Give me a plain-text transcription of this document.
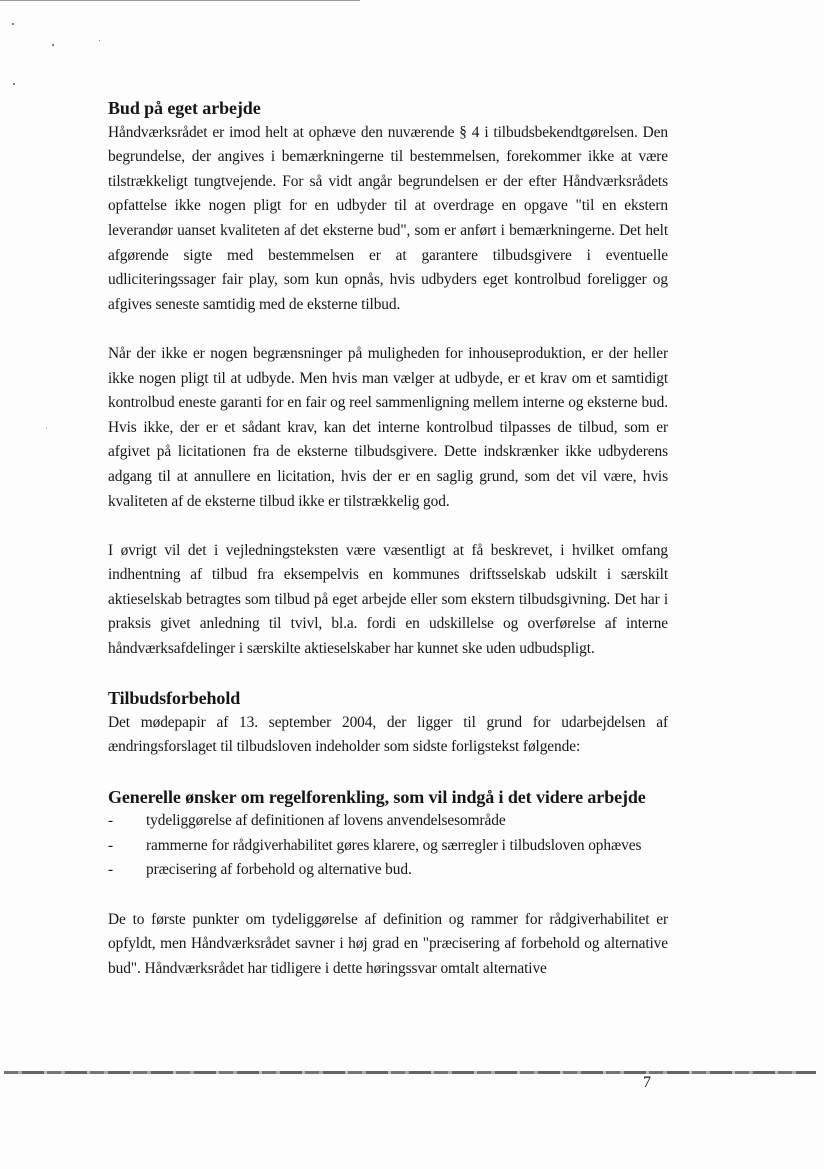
Bud på eget arbejde

Håndværksrådet er imod helt at ophæve den nuværende § 4 i tilbudsbekendtgørelsen. Den begrundelse, der angives i bemærkningerne til bestemmelsen, forekommer ikke at være tilstrækkeligt tungtvejende. For så vidt angår begrundelsen er der efter Håndværksrådets opfattelse ikke nogen pligt for en udbyder til at overdrage en opgave "til en ekstern leverandør uanset kvaliteten af det eksterne bud", som er anført i bemærkningerne. Det helt afgørende sigte med bestemmelsen er at garantere tilbudsgivere i eventuelle udliciteringssager fair play, som kun opnås, hvis udbyders eget kontrolbud foreligger og afgives seneste samtidig med de eksterne tilbud.

Når der ikke er nogen begrænsninger på muligheden for inhouseproduktion, er der heller ikke nogen pligt til at udbyde. Men hvis man vælger at udbyde, er et krav om et samtidigt kontrolbud eneste garanti for en fair og reel sammenligning mellem interne og eksterne bud. Hvis ikke, der er et sådant krav, kan det interne kontrolbud tilpasses de tilbud, som er afgivet på licitationen fra de eksterne tilbudsgivere. Dette indskrænker ikke udbyderens adgang til at annullere en licitation, hvis der er en saglig grund, som det vil være, hvis kvaliteten af de eksterne tilbud ikke er tilstrækkelig god.

I øvrigt vil det i vejledningsteksten være væsentligt at få beskrevet, i hvilket omfang indhentning af tilbud fra eksempelvis en kommunes driftsselskab udskilt i særskilt aktieselskab betragtes som tilbud på eget arbejde eller som ekstern tilbudsgivning. Det har i praksis givet anledning til tvivl, bl.a. fordi en udskillelse og overførelse af interne håndværksafdelinger i særskilte aktieselskaber har kunnet ske uden udbudspligt.

Tilbudsforbehold

Det mødepapir af 13. september 2004, der ligger til grund for udarbejdelsen af ændringsforslaget til tilbudsloven indeholder som sidste forligstekst følgende:

Generelle ønsker om regelforenkling, som vil indgå i det videre arbejde
- tydeliggørelse af definitionen af lovens anvendelsesområde
- rammerne for rådgiverhabilitet gøres klarere, og særregler i tilbudsloven ophæves
- præcisering af forbehold og alternative bud.

De to første punkter om tydeliggørelse af definition og rammer for rådgiverhabilitet er opfyldt, men Håndværksrådet savner i høj grad en "præcisering af forbehold og alternative bud". Håndværksrådet har tidligere i dette høringssvar omtalt alternative

7
